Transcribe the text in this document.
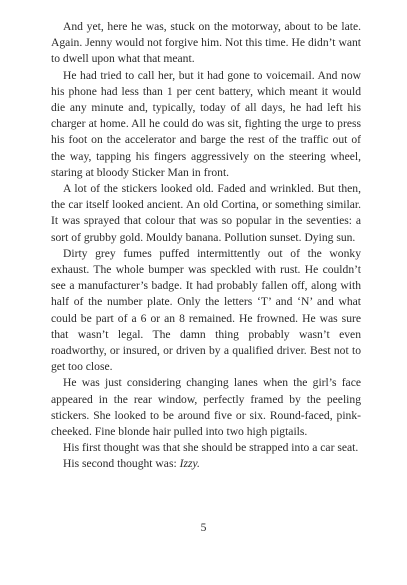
And yet, here he was, stuck on the motorway, about to be late. Again. Jenny would not forgive him. Not this time. He didn’t want to dwell upon what that meant.

He had tried to call her, but it had gone to voicemail. And now his phone had less than 1 per cent battery, which meant it would die any minute and, typically, today of all days, he had left his charger at home. All he could do was sit, fighting the urge to press his foot on the accelerator and barge the rest of the traffic out of the way, tapping his fingers aggressively on the steering wheel, staring at bloody Sticker Man in front.

A lot of the stickers looked old. Faded and wrinkled. But then, the car itself looked ancient. An old Cortina, or something similar. It was sprayed that colour that was so popular in the seventies: a sort of grubby gold. Mouldy banana. Pollution sunset. Dying sun.

Dirty grey fumes puffed intermittently out of the wonky exhaust. The whole bumper was speckled with rust. He couldn’t see a manufacturer’s badge. It had probably fallen off, along with half of the number plate. Only the letters ‘T’ and ‘N’ and what could be part of a 6 or an 8 remained. He frowned. He was sure that wasn’t legal. The damn thing probably wasn’t even roadworthy, or insured, or driven by a qualified driver. Best not to get too close.

He was just considering changing lanes when the girl’s face appeared in the rear window, perfectly framed by the peeling stickers. She looked to be around five or six. Round-faced, pink-cheeked. Fine blonde hair pulled into two high pigtails.

His first thought was that she should be strapped into a car seat.

His second thought was: Izzy.

5
